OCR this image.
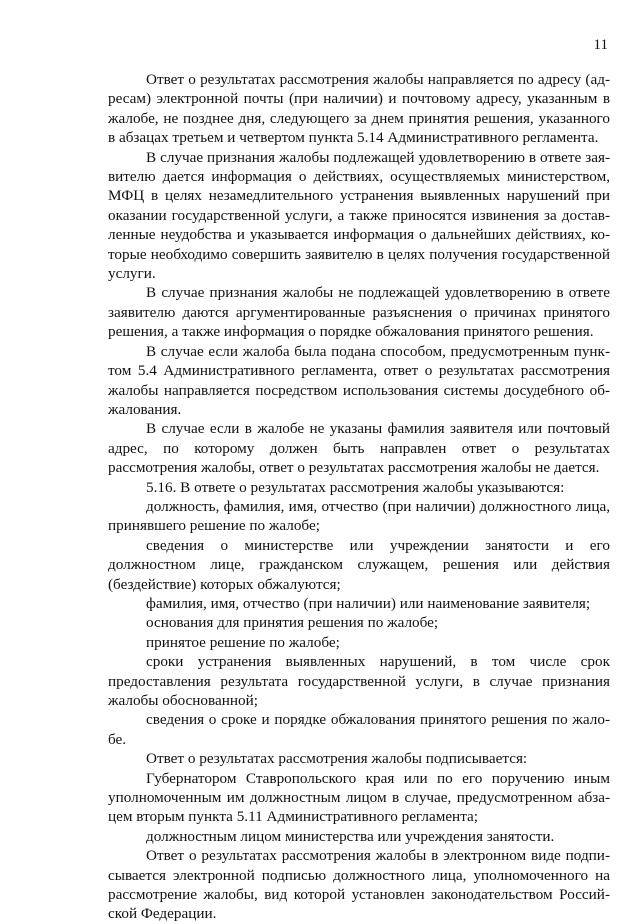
11

Ответ о результатах рассмотрения жалобы направляется по адресу (адресам) электронной почты (при наличии) и почтовому адресу, указанным в жалобе, не позднее дня, следующего за днем принятия решения, указанного в абзацах третьем и четвертом пункта 5.14 Административного регламента.

В случае признания жалобы подлежащей удовлетворению в ответе заявителю дается информация о действиях, осуществляемых министерством, МФЦ в целях незамедлительного устранения выявленных нарушений при оказании государственной услуги, а также приносятся извинения за доставленные неудобства и указывается информация о дальнейших действиях, которые необходимо совершить заявителю в целях получения государственной услуги.

В случае признания жалобы не подлежащей удовлетворению в ответе заявителю даются аргументированные разъяснения о причинах принятого решения, а также информация о порядке обжалования принятого решения.

В случае если жалоба была подана способом, предусмотренным пунктом 5.4 Административного регламента, ответ о результатах рассмотрения жалобы направляется посредством использования системы досудебного обжалования.

В случае если в жалобе не указаны фамилия заявителя или почтовый адрес, по которому должен быть направлен ответ о результатах рассмотрения жалобы, ответ о результатах рассмотрения жалобы не дается.

5.16. В ответе о результатах рассмотрения жалобы указываются:

должность, фамилия, имя, отчество (при наличии) должностного лица, принявшего решение по жалобе;

сведения о министерстве или учреждении занятости и его должностном лице, гражданском служащем, решения или действия (бездействие) которых обжалуются;

фамилия, имя, отчество (при наличии) или наименование заявителя;

основания для принятия решения по жалобе;

принятое решение по жалобе;

сроки устранения выявленных нарушений, в том числе срок предоставления результата государственной услуги, в случае признания жалобы обоснованной;

сведения о сроке и порядке обжалования принятого решения по жалобе.

Ответ о результатах рассмотрения жалобы подписывается:

Губернатором Ставропольского края или по его поручению иным уполномоченным им должностным лицом в случае, предусмотренном абзацем вторым пункта 5.11 Административного регламента;

должностным лицом министерства или учреждения занятости.

Ответ о результатах рассмотрения жалобы в электронном виде подписывается электронной подписью должностного лица, уполномоченного на рассмотрение жалобы, вид которой установлен законодательством Российской Федерации.
